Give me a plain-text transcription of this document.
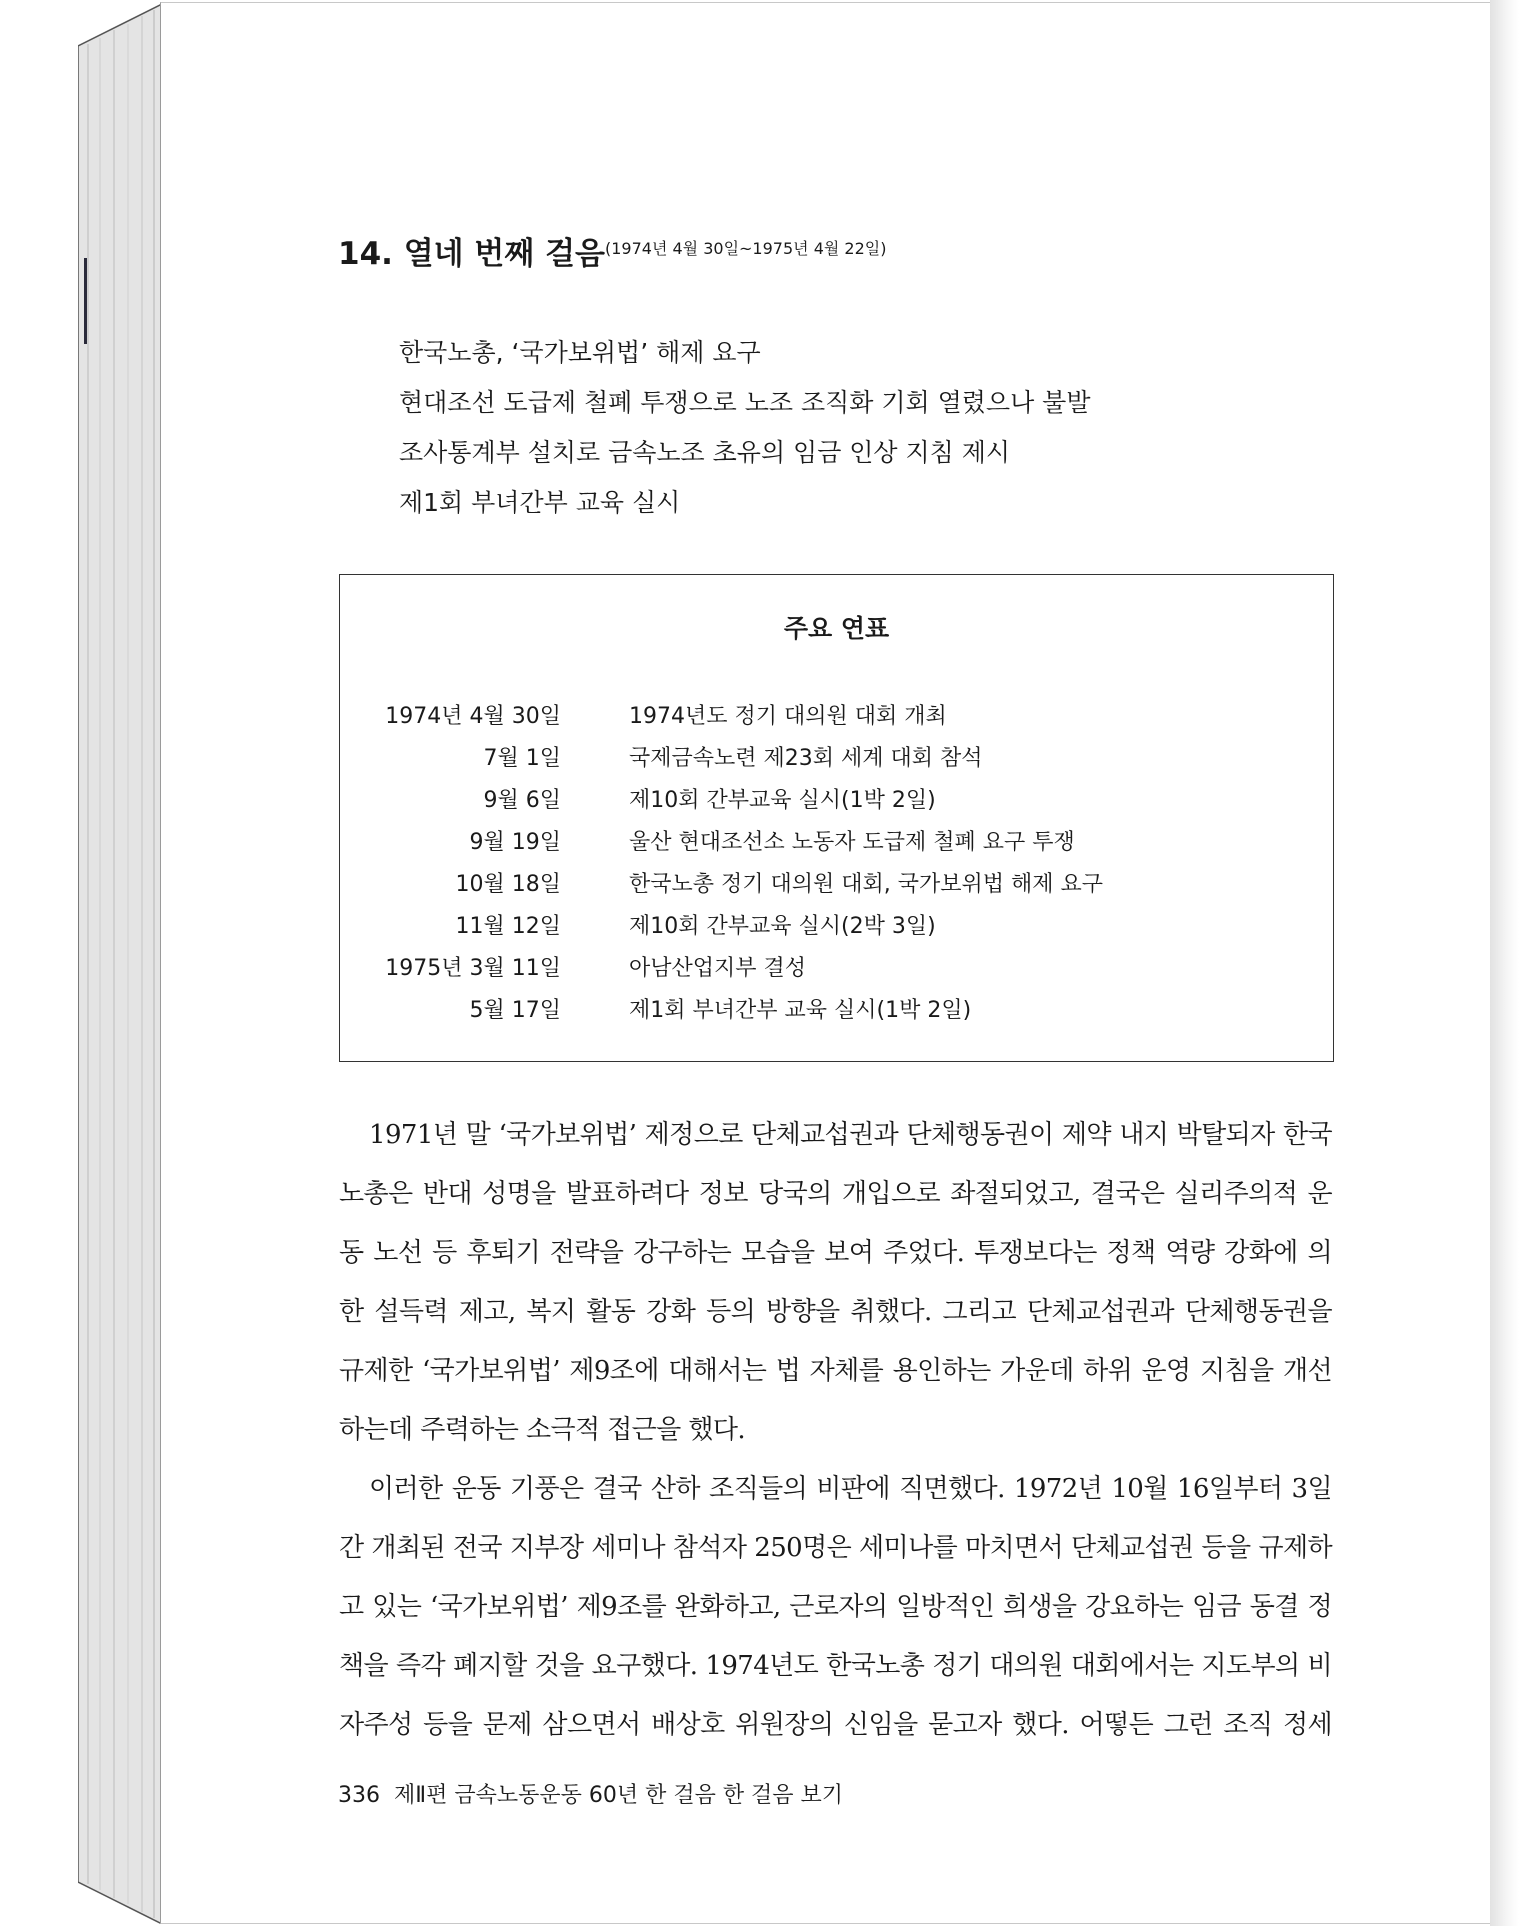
14. 열네 번째 걸음$_{(1974년 4월 30일\sim 1975년 4월 22일)}$
한국노총, ‘국가보위법’ 해제 요구
현대조선 도급제 철폐 투쟁으로 노조 조직화 기회 열렸으나 불발
조사통계부 설치로 금속노조 초유의 임금 인상 지침 제시
제1회 부녀간부 교육 실시
주요 연표
1974년 4월 30일	1974년도 정기 대의원 대회 개최
7월 1일	국제금속노련 제23회 세계 대회 참석
9월 6일	제10회 간부교육 실시(1박 2일)
9월 19일	울산 현대조선소 노동자 도급제 철폐 요구 투쟁
10월 18일	한국노총 정기 대의원 대회, 국가보위법 해제 요구
11월 12일	제10회 간부교육 실시(2박 3일)
1975년 3월 11일	아남산업지부 결성
5월 17일	제1회 부녀간부 교육 실시(1박 2일)
1971년 말 ‘국가보위법’ 제정으로 단체교섭권과 단체행동권이 제약 내지 박탈되자 한국
노총은 반대 성명을 발표하려다 정보 당국의 개입으로 좌절되었고, 결국은 실리주의적 운
동 노선 등 후퇴기 전략을 강구하는 모습을 보여 주었다. 투쟁보다는 정책 역량 강화에 의
한 설득력 제고, 복지 활동 강화 등의 방향을 취했다. 그리고 단체교섭권과 단체행동권을
규제한 ‘국가보위법’ 제9조에 대해서는 법 자체를 용인하는 가운데 하위 운영 지침을 개선
하는데 주력하는 소극적 접근을 했다.
이러한 운동 기풍은 결국 산하 조직들의 비판에 직면했다. 1972년 10월 16일부터 3일
간 개최된 전국 지부장 세미나 참석자 250명은 세미나를 마치면서 단체교섭권 등을 규제하
고 있는 ‘국가보위법’ 제9조를 완화하고, 근로자의 일방적인 희생을 강요하는 임금 동결 정
책을 즉각 폐지할 것을 요구했다. 1974년도 한국노총 정기 대의원 대회에서는 지도부의 비
자주성 등을 문제 삼으면서 배상호 위원장의 신임을 묻고자 했다. 어떻든 그런 조직 정세
336 제Ⅱ편 금속노동운동 60년 한 걸음 한 걸음 보기
